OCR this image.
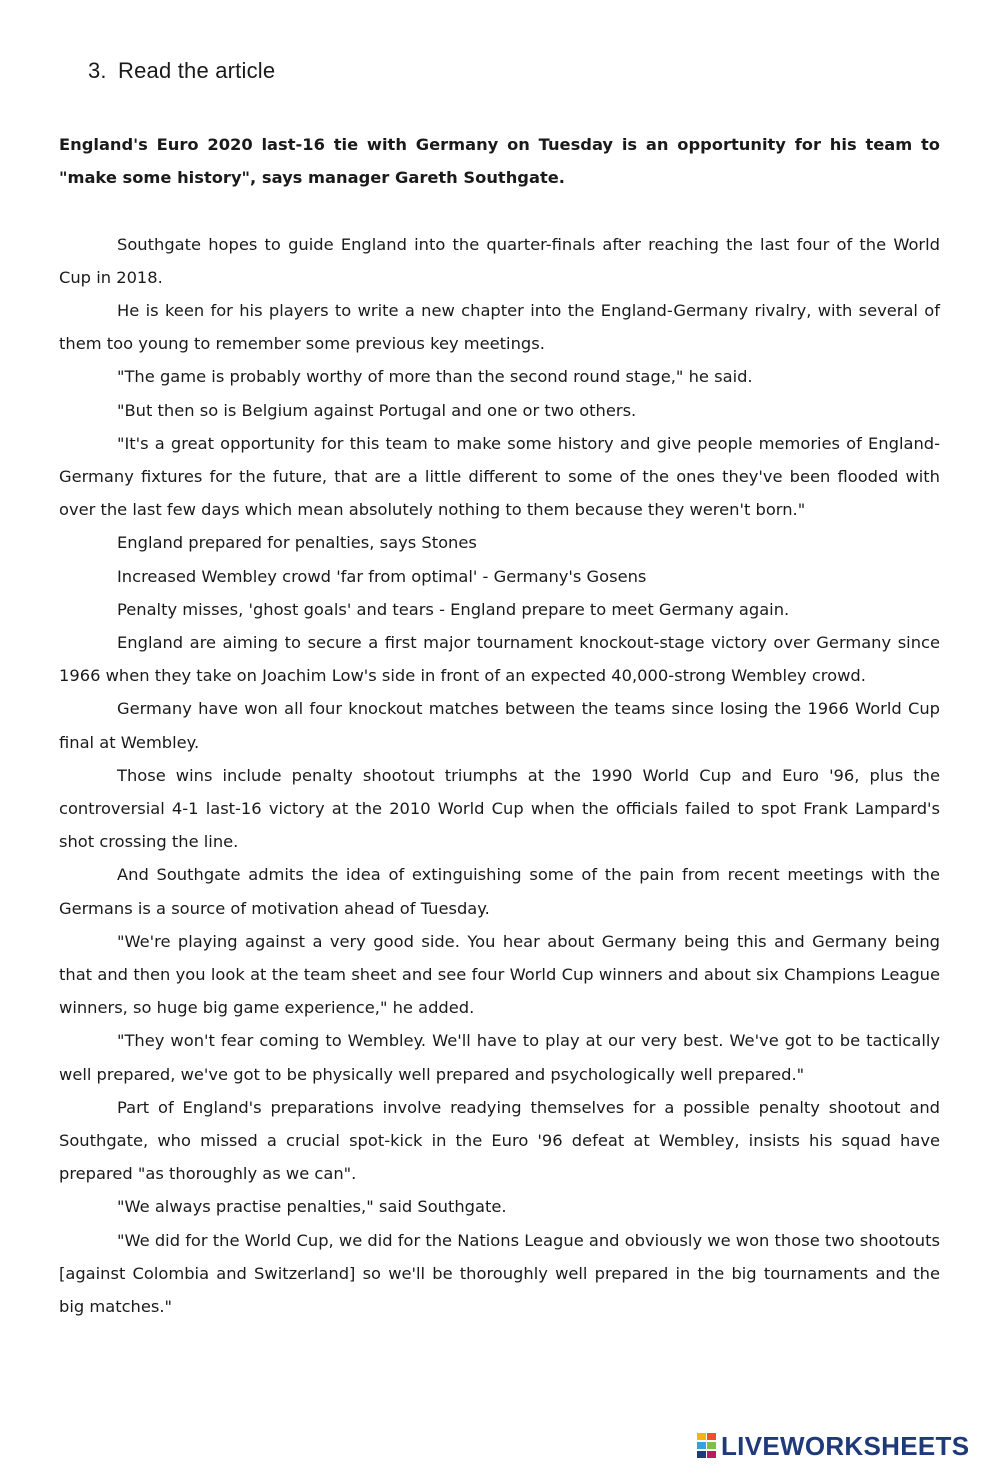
3. Read the article

England's Euro 2020 last-16 tie with Germany on Tuesday is an opportunity for his team to "make some history", says manager Gareth Southgate.

Southgate hopes to guide England into the quarter-finals after reaching the last four of the World Cup in 2018.

He is keen for his players to write a new chapter into the England-Germany rivalry, with several of them too young to remember some previous key meetings.

"The game is probably worthy of more than the second round stage," he said.

"But then so is Belgium against Portugal and one or two others.

"It's a great opportunity for this team to make some history and give people memories of England-Germany fixtures for the future, that are a little different to some of the ones they've been flooded with over the last few days which mean absolutely nothing to them because they weren't born."

England prepared for penalties, says Stones

Increased Wembley crowd 'far from optimal' - Germany's Gosens

Penalty misses, 'ghost goals' and tears - England prepare to meet Germany again.

England are aiming to secure a first major tournament knockout-stage victory over Germany since 1966 when they take on Joachim Low's side in front of an expected 40,000-strong Wembley crowd.

Germany have won all four knockout matches between the teams since losing the 1966 World Cup final at Wembley.

Those wins include penalty shootout triumphs at the 1990 World Cup and Euro '96, plus the controversial 4-1 last-16 victory at the 2010 World Cup when the officials failed to spot Frank Lampard's shot crossing the line.

And Southgate admits the idea of extinguishing some of the pain from recent meetings with the Germans is a source of motivation ahead of Tuesday.

"We're playing against a very good side. You hear about Germany being this and Germany being that and then you look at the team sheet and see four World Cup winners and about six Champions League winners, so huge big game experience," he added.

"They won't fear coming to Wembley. We'll have to play at our very best. We've got to be tactically well prepared, we've got to be physically well prepared and psychologically well prepared."

Part of England's preparations involve readying themselves for a possible penalty shootout and Southgate, who missed a crucial spot-kick in the Euro '96 defeat at Wembley, insists his squad have prepared "as thoroughly as we can".

"We always practise penalties," said Southgate.

"We did for the World Cup, we did for the Nations League and obviously we won those two shootouts [against Colombia and Switzerland] so we'll be thoroughly well prepared in the big tournaments and the big matches."

LIVEWORKSHEETS
